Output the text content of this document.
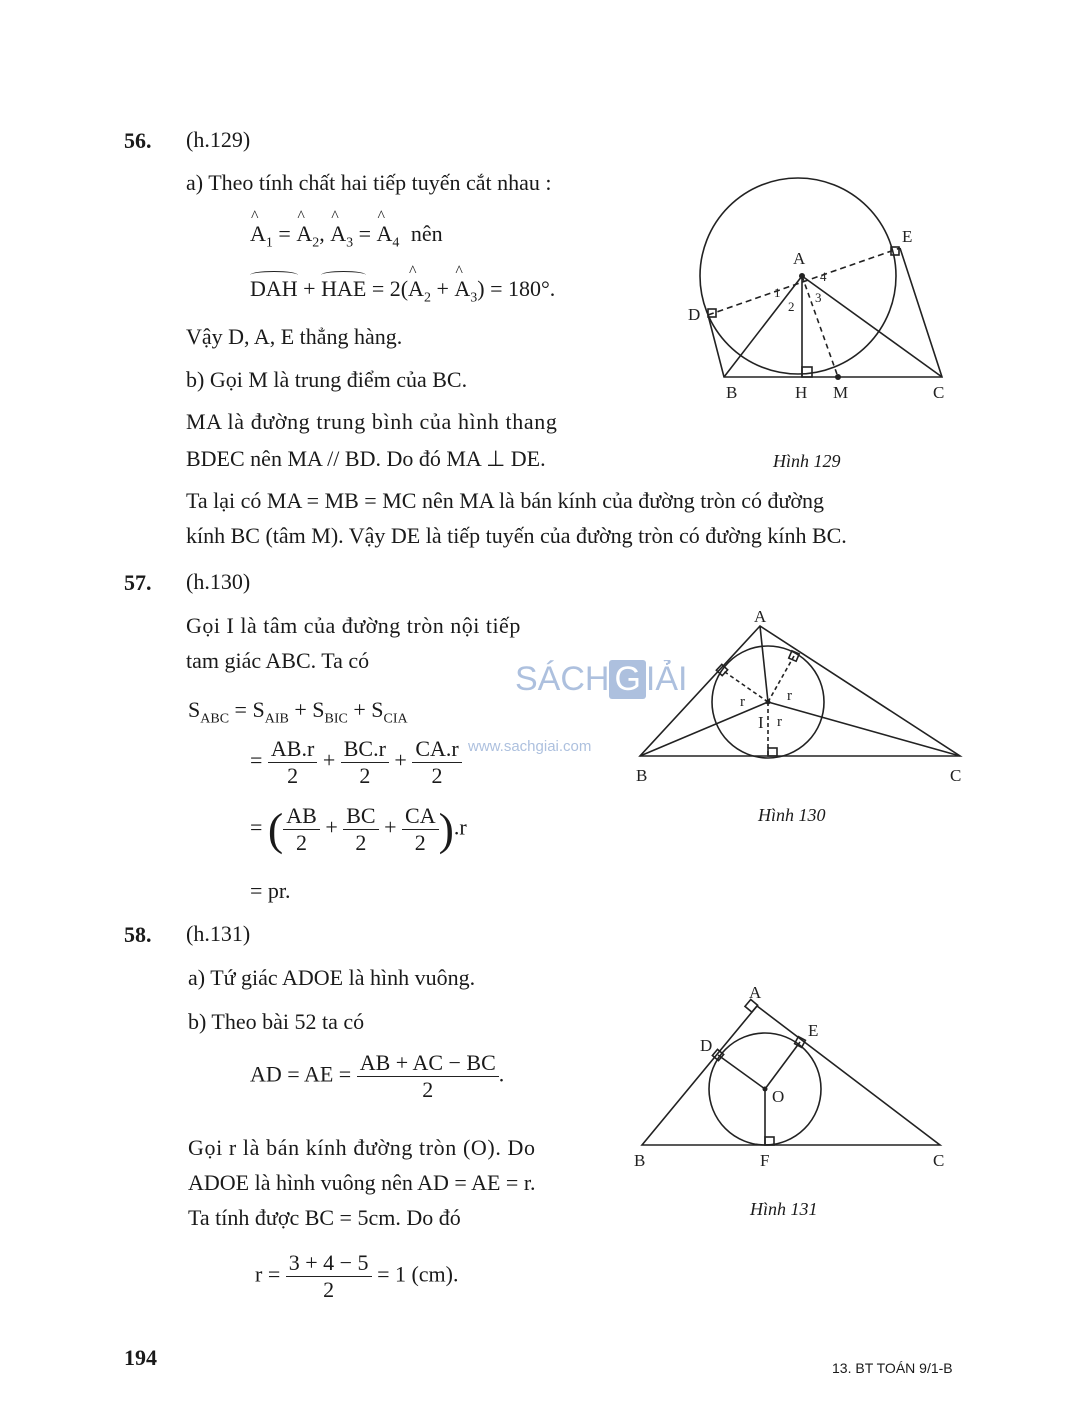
56. (h.129)
a) Theo tính chất hai tiếp tuyến cắt nhau :
^ $A_1$ = ^ $A_2$, ^ $A_3$ = ^ $A_4$ nên
DAH + HAE = 2(^ $A_2$ + ^ $A_3) = 180^\circ$.
Vậy D, A, E thẳng hàng.
b) Gọi M là trung điểm của BC.
MA là đường trung bình của hình thang
BDEC nên MA // BD. Do đó MA ⊥ DE.
Ta lại có MA = MB = MC nên MA là bán kính của đường tròn có đường
kính BC (tâm M). Vậy DE là tiếp tuyến của đường tròn có đường kính BC.
A
B	C
D
E
H M
1
2
3
4
Hình 129
57. (h.130)
Gọi I là tâm của đường tròn nội tiếp
tam giác ABC. Ta có
$S_{ABC} = S_{AIB} + S_{BIC} + S_{CIA}$
= $\frac{AB.r}{2} + \frac{BC.r}{2} + \frac{CA.r}{2}$
= ( $\frac{AB}{2} + \frac{BC}{2} + \frac{CA}{2} ).r$
= pr.
A
B	C
I
r	r
r
Hình 130
SÁCH G IẢI
www.sachgiai.com
58. (h.131)
a) Tứ giác ADOE là hình vuông.
b) Theo bài 52 ta có
AD = AE = $\frac{AB + AC - BC}{2}$ .
Gọi r là bán kính đường tròn (O). Do
ADOE là hình vuông nên AD = AE = r.
Ta tính được BC = 5cm. Do đó
$r = \frac{3 + 4 - 5}{2} = 1$ (cm).
A
B	C
D
E
F
O
Hình 131
194	13. BT TOÁN 9/1-B
